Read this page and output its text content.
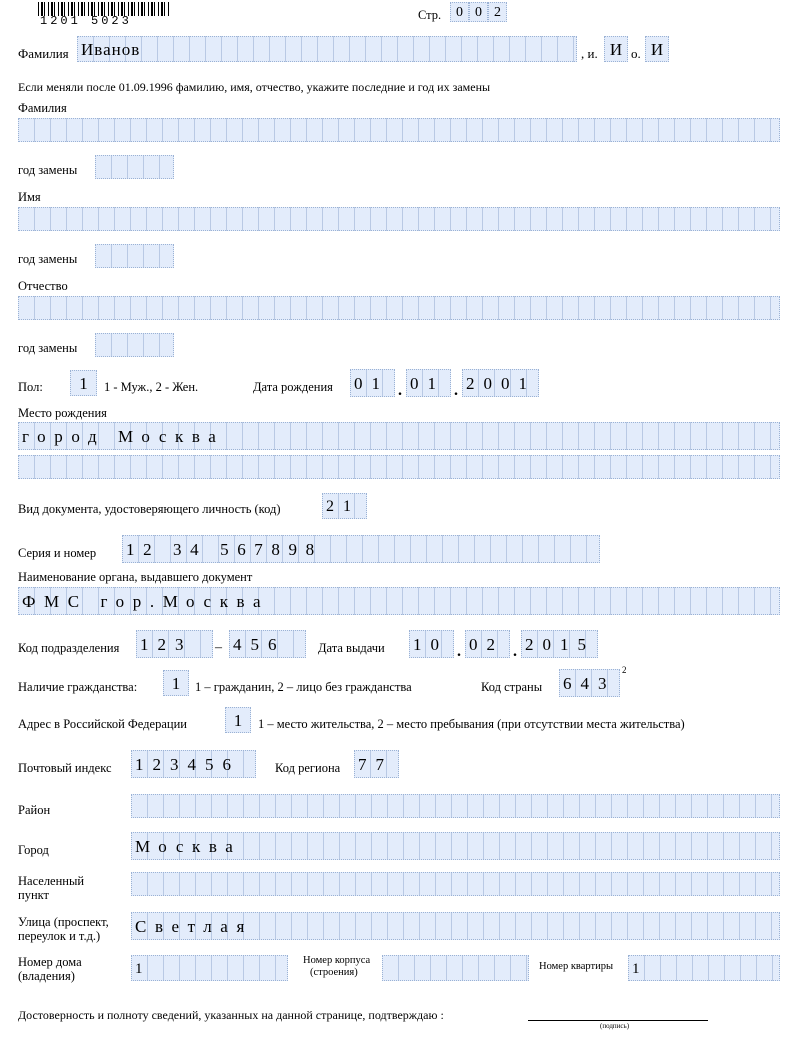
1201 5023	Стр.	0 0 2
Фамилия Иванов	, и. И о. И
Если меняли после 01.09.1996 фамилию, имя, отчество, укажите последние и год их замены
Фамилия
год замены
Имя
год замены
Отчество
год замены
Пол:	1	1 - Муж., 2 - Жен.	Дата рождения 01 . 01 . 2001
Место рождения
город Москва
Вид документа, удостоверяющего личность (код)	21
Серия и номер 12 34 567898
Наименование органа, выдавшего документ
ФМС гор.Москва
Код подразделения 123	– 456	Дата выдачи 10 . 02 . 2015
Наличие гражданства:	1	1 – гражданин, 2 – лицо без гражданства	Код страны 643
2
Адрес в Российской Федерации	1	1 – место жительства, 2 – место пребывания (при отсутствии места жительства)
Почтовый индекс 123456	Код региона 77
Район
Город	Москва
Населенный
пункт
Улица (проспект,
переулок и т.д.) Светлая
Номер дома
(владения)	1
Номер корпуса
(строения)
Номер квартиры 1
Достоверность и полноту сведений, указанных на данной странице, подтверждаю :
(подпись)
